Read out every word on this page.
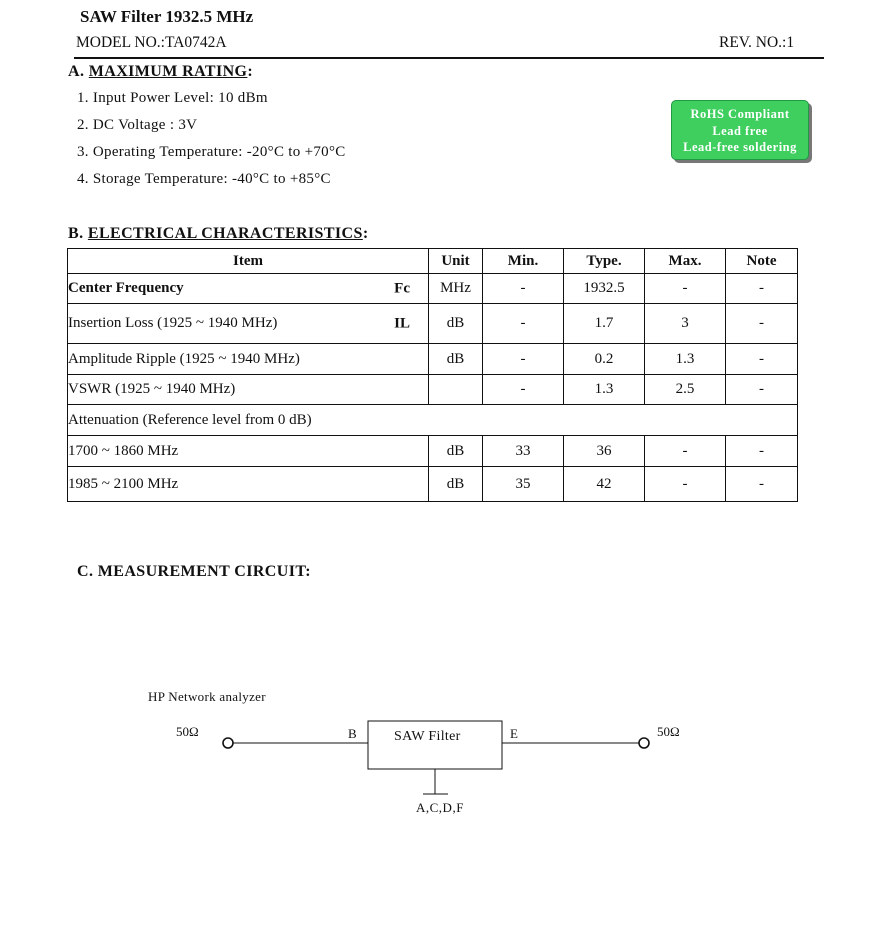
SAW Filter 1932.5 MHz
MODEL NO.:TA0742A	REV. NO.:1
A. MAXIMUM RATING:
1. Input Power Level: 10 dBm
2. DC Voltage : 3V
3. Operating Temperature: -20°C to +70°C
4. Storage Temperature: -40°C to +85°C
RoHS Compliant
Lead free
Lead-free soldering
B. ELECTRICAL CHARACTERISTICS:
Item	Unit	Min.	Type.	Max.	Note
Center Frequency Fc	MHz	-	1932.5	-	-
Insertion Loss (1925 ~ 1940 MHz) IL	dB	-	1.7	3	-
Amplitude Ripple (1925 ~ 1940 MHz)	dB	-	0.2	1.3	-
VSWR (1925 ~ 1940 MHz)		-	1.3	2.5	-
Attenuation (Reference level from 0 dB)					
1700 ~ 1860 MHz	dB	33	36	-	-
1985 ~ 2100 MHz	dB	35	42	-	-
C. MEASUREMENT CIRCUIT:
HP Network analyzer
50Ω	50Ω
B	E
SAW Filter
A,C,D,F
